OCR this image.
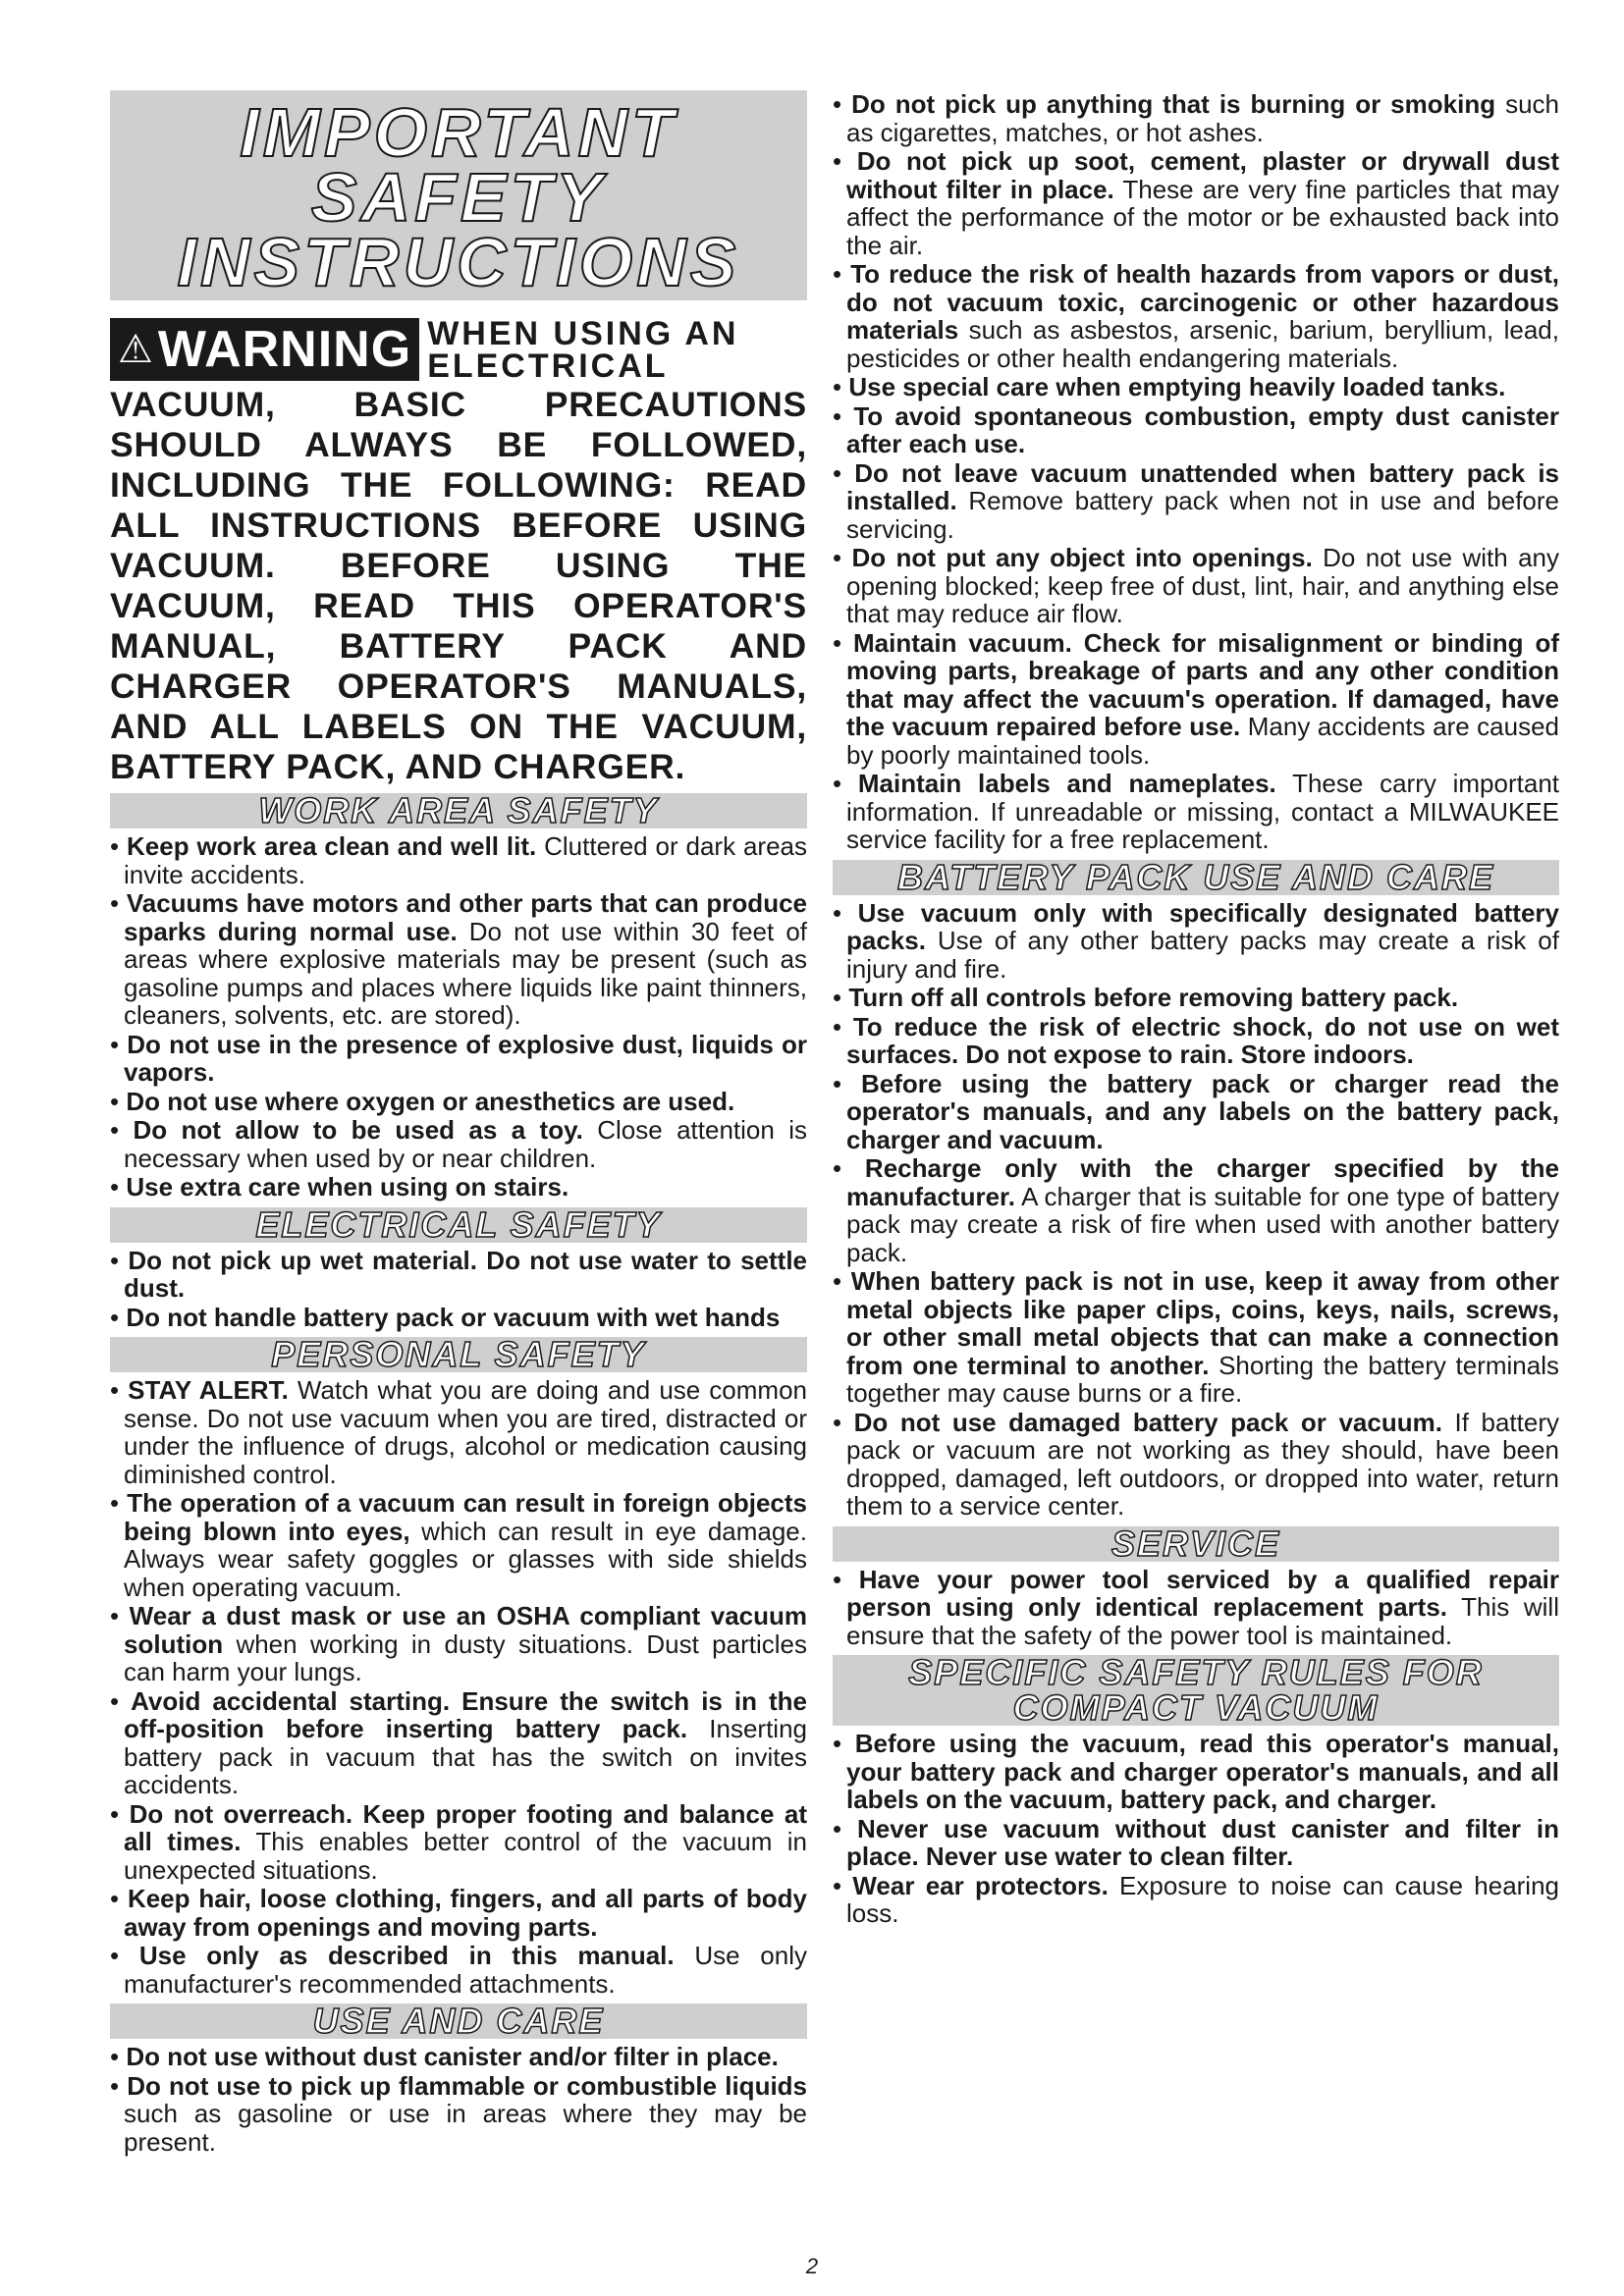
IMPORTANT
SAFETY
INSTRUCTIONS
⚠ WARNING WHEN USING AN ELECTRICAL
VACUUM, BASIC PRECAUTIONS SHOULD ALWAYS BE FOLLOWED, INCLUDING THE FOLLOWING: READ ALL INSTRUCTIONS BEFORE USING VACUUM. BEFORE USING THE VACUUM, READ THIS OPERATOR'S MANUAL, BATTERY PACK AND CHARGER OPERATOR'S MANUALS, AND ALL LABELS ON THE VACUUM, BATTERY PACK, AND CHARGER.
WORK AREA SAFETY
• Keep work area clean and well lit. Cluttered or dark areas invite accidents.
• Vacuums have motors and other parts that can produce sparks during normal use. Do not use within 30 feet of areas where explosive materials may be present (such as gasoline pumps and places where liquids like paint thinners, cleaners, solvents, etc. are stored).
• Do not use in the presence of explosive dust, liquids or vapors.
• Do not use where oxygen or anesthetics are used.
• Do not allow to be used as a toy. Close attention is necessary when used by or near children.
• Use extra care when using on stairs.
ELECTRICAL SAFETY
• Do not pick up wet material. Do not use water to settle dust.
• Do not handle battery pack or vacuum with wet hands
PERSONAL SAFETY
• STAY ALERT. Watch what you are doing and use common sense. Do not use vacuum when you are tired, distracted or under the influence of drugs, alcohol or medication causing diminished control.
• The operation of a vacuum can result in foreign objects being blown into eyes, which can result in eye damage. Always wear safety goggles or glasses with side shields when operating vacuum.
• Wear a dust mask or use an OSHA compliant vacuum solution when working in dusty situations. Dust particles can harm your lungs.
• Avoid accidental starting. Ensure the switch is in the off-position before inserting battery pack. Inserting battery pack in vacuum that has the switch on invites accidents.
• Do not overreach. Keep proper footing and balance at all times. This enables better control of the vacuum in unexpected situations.
• Keep hair, loose clothing, fingers, and all parts of body away from openings and moving parts.
• Use only as described in this manual. Use only manufacturer's recommended attachments.
USE AND CARE
• Do not use without dust canister and/or filter in place.
• Do not use to pick up flammable or combustible liquids such as gasoline or use in areas where they may be present.
• Do not pick up anything that is burning or smoking such as cigarettes, matches, or hot ashes.
• Do not pick up soot, cement, plaster or drywall dust without filter in place. These are very fine particles that may affect the performance of the motor or be exhausted back into the air.
• To reduce the risk of health hazards from vapors or dust, do not vacuum toxic, carcinogenic or other hazardous materials such as asbestos, arsenic, barium, beryllium, lead, pesticides or other health endangering materials.
• Use special care when emptying heavily loaded tanks.
• To avoid spontaneous combustion, empty dust canister after each use.
• Do not leave vacuum unattended when battery pack is installed. Remove battery pack when not in use and before servicing.
• Do not put any object into openings. Do not use with any opening blocked; keep free of dust, lint, hair, and anything else that may reduce air flow.
• Maintain vacuum. Check for misalignment or binding of moving parts, breakage of parts and any other condition that may affect the vacuum's operation. If damaged, have the vacuum repaired before use. Many accidents are caused by poorly maintained tools.
• Maintain labels and nameplates. These carry important information. If unreadable or missing, contact a MILWAUKEE service facility for a free replacement.
BATTERY PACK USE AND CARE
• Use vacuum only with specifically designated battery packs. Use of any other battery packs may create a risk of injury and fire.
• Turn off all controls before removing battery pack.
• To reduce the risk of electric shock, do not use on wet surfaces. Do not expose to rain. Store indoors.
• Before using the battery pack or charger read the operator's manuals, and any labels on the battery pack, charger and vacuum.
• Recharge only with the charger specified by the manufacturer. A charger that is suitable for one type of battery pack may create a risk of fire when used with another battery pack.
• When battery pack is not in use, keep it away from other metal objects like paper clips, coins, keys, nails, screws, or other small metal objects that can make a connection from one terminal to another. Shorting the battery terminals together may cause burns or a fire.
• Do not use damaged battery pack or vacuum. If battery pack or vacuum are not working as they should, have been dropped, damaged, left outdoors, or dropped into water, return them to a service center.
SERVICE
• Have your power tool serviced by a qualified repair person using only identical replacement parts. This will ensure that the safety of the power tool is maintained.
SPECIFIC SAFETY RULES FOR
COMPACT VACUUM
• Before using the vacuum, read this operator's manual, your battery pack and charger operator's manuals, and all labels on the vacuum, battery pack, and charger.
• Never use vacuum without dust canister and filter in place. Never use water to clean filter.
• Wear ear protectors. Exposure to noise can cause hearing loss.
2
